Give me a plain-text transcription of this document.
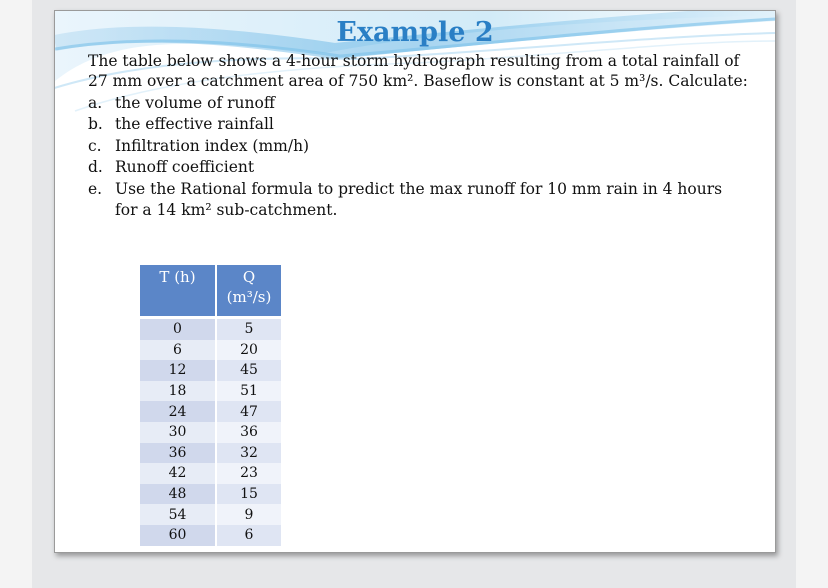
Example 2

The table below shows a 4-hour storm hydrograph resulting from a total rainfall of 27 mm over a catchment area of 750 km². Baseflow is constant at 5 m³/s. Calculate:

a. the volume of runoff
b. the effective rainfall
c. Infiltration index (mm/h)
d. Runoff coefficient
e. Use the Rational formula to predict the max runoff for 10 mm rain in 4 hours for a 14 km² sub-catchment.
T (h)	Q
(m³/s)
0	5
6	20
12	45
18	51
24	47
30	36
36	32
42	23
48	15
54	9
60	6
